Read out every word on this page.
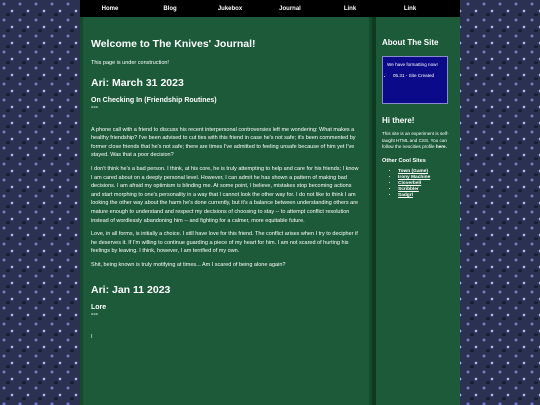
Home	Blog	Jukebox	Journal	Link	Link
Welcome to The Knives' Journal!

This page is under construction!

Ari: March 31 2023
On Checking In (Friendship Routines)
---

A phone call with a friend to discuss his recent interpersonal controversies left me wondering: What makes a healthy friendship? I've been advised to cut ties with this friend in case he's not safe; it's been commented by former close friends that he's not safe; there are times I've admitted to feeling unsafe because of him yet I've stayed. Was that a poor decision?

I don't think he's a bad person. I think, at his core, he is truly attempting to help and care for his friends; I know I am cared about on a deeply personal level. However, I can admit he has shown a pattern of making bad decisions. I am afraid my optimism is blinding me. At some point, I believe, mistakes stop becoming actions and start morphing to one's personality in a way that I cannot look the other way for. I do not like to think I am looking the other way about the harm he's done currently, but it's a balance between understanding others are mature enough to understand and respect my decisions of choosing to stay -- to attempt conflict resolution instead of wordlessly abandoning him -- and fighting for a calmer, more equitable future.

Love, in all forms, is initially a choice. I still have love for this friend. The conflict arises when I try to decipher if he deserves it. If I'm willing to continue guarding a piece of my heart for him. I am not scared of hurting his feelings by leaving. I think, however, I am terrified of my own.

Shit, being known is truly motifying at times... Am I scared of being alone again?

Ari: Jan 11 2023
Lore
---

I

About The Site
We have formatting now!
• 05.31 - Site Created
Hi there!

This site is an experiment is self-taught HTML and CSS. You can follow the neocities profile here.

Other Cool Sites
• Town (Game)
• Irony Machine
• Cloverbell
• Scribbler
• Sadgrl
